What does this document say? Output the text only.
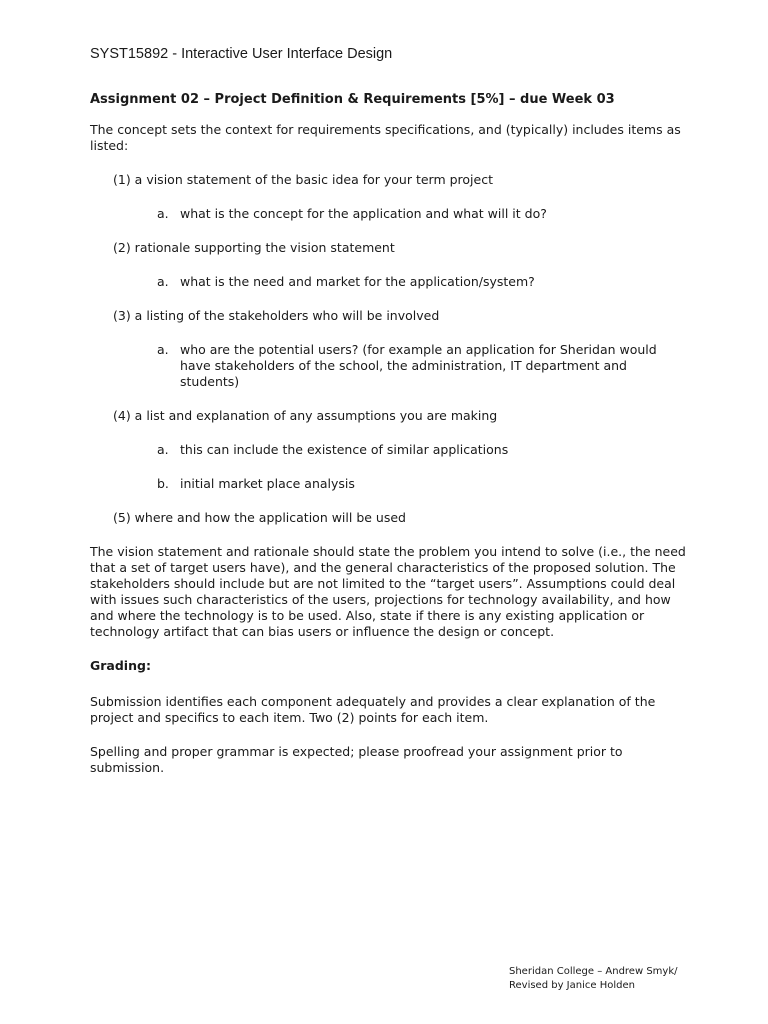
SYST15892 - Interactive User Interface Design
Assignment 02 – Project Definition & Requirements [5%] – due Week 03
The concept sets the context for requirements specifications, and (typically) includes items as listed:
(1) a vision statement of the basic idea for your term project
a. what is the concept for the application and what will it do?
(2) rationale supporting the vision statement
a. what is the need and market for the application/system?
(3) a listing of the stakeholders who will be involved
a. who are the potential users? (for example an application for Sheridan would have stakeholders of the school, the administration, IT department and students)
(4) a list and explanation of any assumptions you are making
a. this can include the existence of similar applications
b. initial market place analysis
(5) where and how the application will be used
The vision statement and rationale should state the problem you intend to solve (i.e., the need that a set of target users have), and the general characteristics of the proposed solution. The stakeholders should include but are not limited to the “target users”. Assumptions could deal with issues such characteristics of the users, projections for technology availability, and how and where the technology is to be used. Also, state if there is any existing application or technology artifact that can bias users or influence the design or concept.
Grading:
Submission identifies each component adequately and provides a clear explanation of the project and specifics to each item. Two (2) points for each item.
Spelling and proper grammar is expected; please proofread your assignment prior to submission.
Sheridan College – Andrew Smyk/
Revised by Janice Holden
